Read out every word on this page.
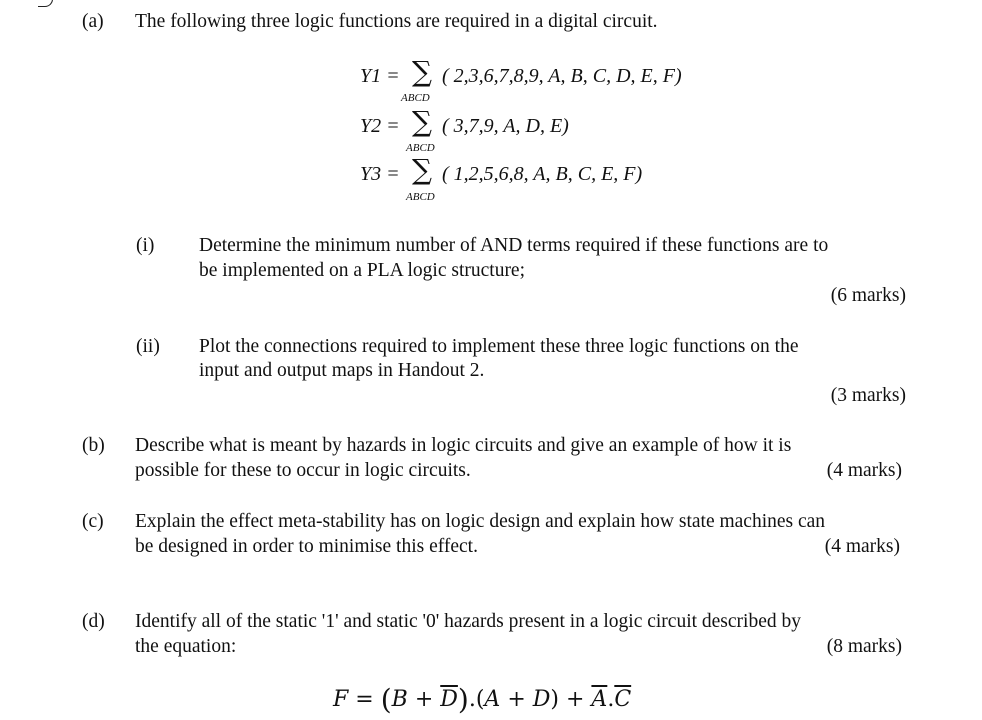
(a) The following three logic functions are required in a digital circuit.
Y1 = ∑
ABCD
( 2,3,6,7,8,9, A, B, C, D, E, F)
Y2 = ∑
ABCD
( 3,7,9, A, D, E)
Y3 = ∑
ABCD
( 1,2,5,6,8, A, B, C, E, F)
(i) Determine the minimum number of AND terms required if these functions are to
be implemented on a PLA logic structure;
(6 marks)
(ii) Plot the connections required to implement these three logic functions on the
input and output maps in Handout 2.
(3 marks)
(b) Describe what is meant by hazards in logic circuits and give an example of how it is
possible for these to occur in logic circuits.	(4 marks)
(c) Explain the effect meta-stability has on logic design and explain how state machines can
be designed in order to minimise this effect.	(4 marks)
(d) Identify all of the static '1' and static '0' hazards present in a logic circuit described by
the equation:	(8 marks)
$F = (B + \overline{D}).(A + D) + \overline{A}.\overline{C}$
